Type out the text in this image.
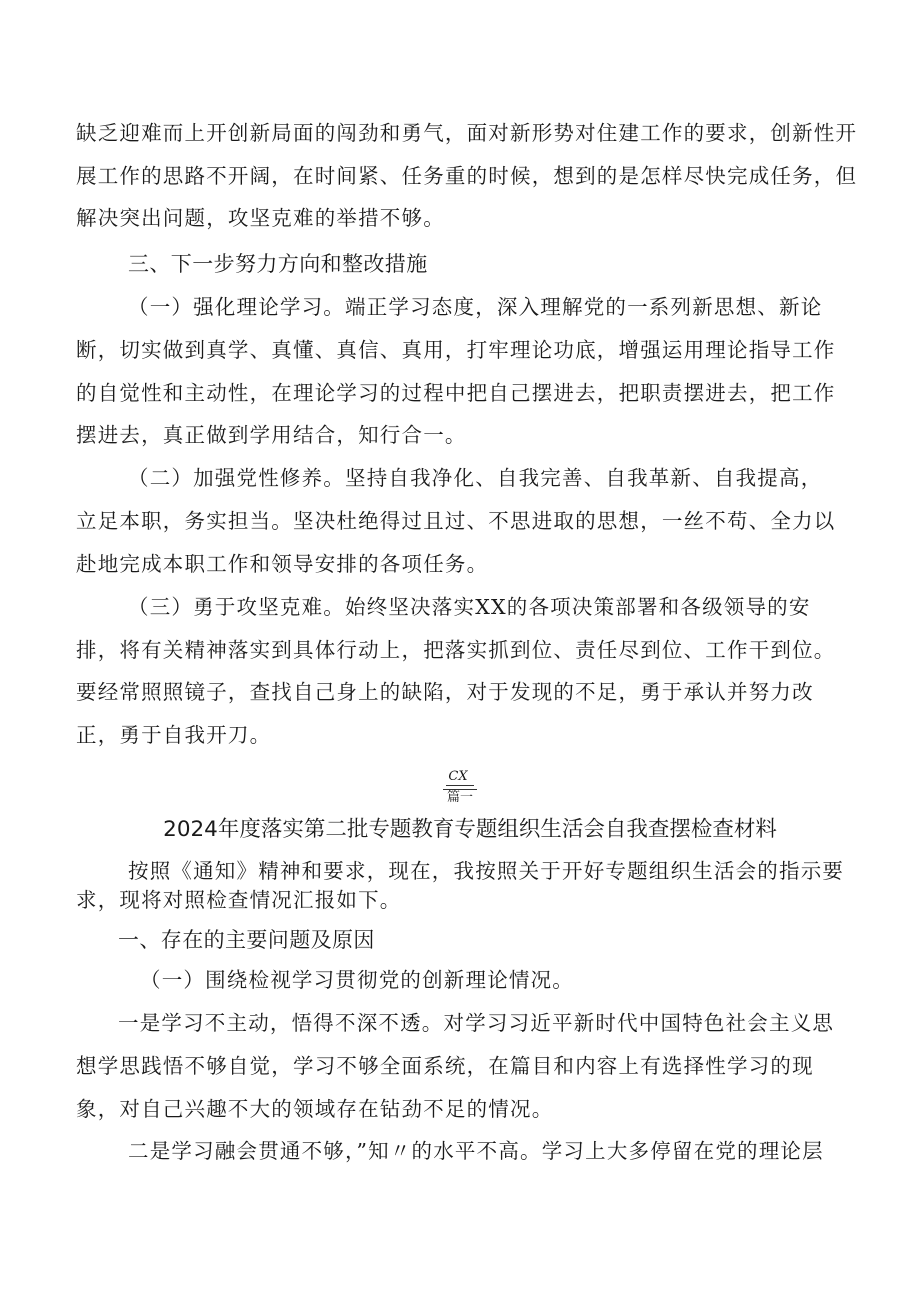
缺乏迎难而上开创新局面的闯劲和勇气，面对新形势对住建工作的要求，创新性开
展工作的思路不开阔，在时间紧、任务重的时候，想到的是怎样尽快完成任务，但
解决突出问题，攻坚克难的举措不够。
三、下一步努力方向和整改措施
（一）强化理论学习。端正学习态度，深入理解党的一系列新思想、新论
断，切实做到真学、真懂、真信、真用，打牢理论功底，增强运用理论指导工作
的自觉性和主动性，在理论学习的过程中把自己摆进去，把职责摆进去，把工作
摆进去，真正做到学用结合，知行合一。
（二）加强党性修养。坚持自我净化、自我完善、自我革新、自我提高，
立足本职，务实担当。坚决杜绝得过且过、不思进取的思想，一丝不苟、全力以
赴地完成本职工作和领导安排的各项任务。
（三）勇于攻坚克难。始终坚决落实XX的各项决策部署和各级领导的安
排，将有关精神落实到具体行动上，把落实抓到位、责任尽到位、工作干到位。
要经常照照镜子，查找自己身上的缺陷，对于发现的不足，勇于承认并努力改
正，勇于自我开刀。
CX
篇一
2024年度落实第二批专题教育专题组织生活会自我查摆检查材料
按照《通知》精神和要求，现在，我按照关于开好专题组织生活会的指示要
求，现将对照检查情况汇报如下。
一、存在的主要问题及原因
（一）围绕检视学习贯彻党的创新理论情况。
一是学习不主动，悟得不深不透。对学习习近平新时代中国特色社会主义思
想学思践悟不够自觉，学习不够全面系统，在篇目和内容上有选择性学习的现
象，对自己兴趣不大的领域存在钻劲不足的情况。
二是学习融会贯通不够，”知〃的水平不高。学习上大多停留在党的理论层
